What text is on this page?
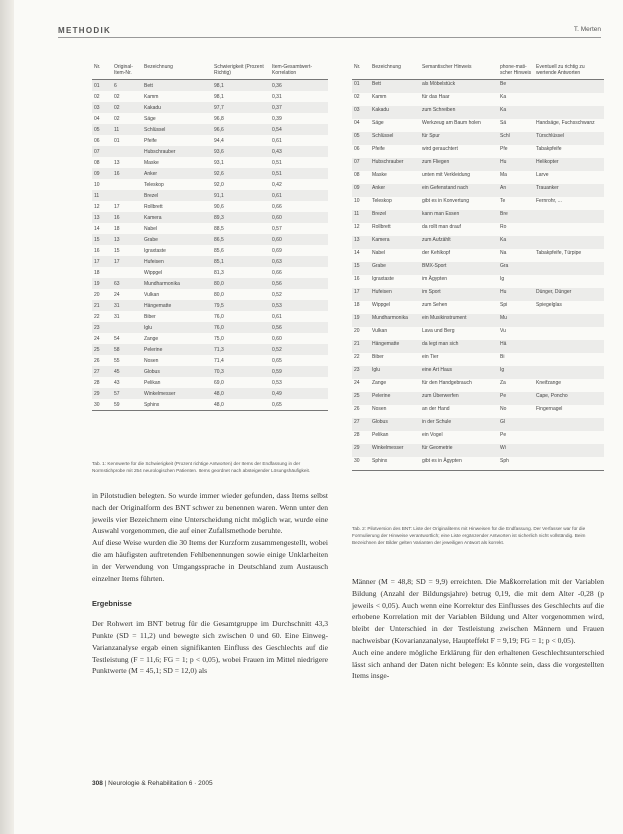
METHODIK	T. Merten
Nr.	Original-Item-Nr.	Bezeichnung	Schwierigkeit (Prozent Richtig)	Item-Gesamtwert-Korrelation
01	6	Bett	98,1	0,36
02	02	Kamm	98,1	0,31
03	02	Kakadu	97,7	0,37
04	02	Säge	96,8	0,39
05	11	Schlüssel	96,6	0,54
06	01	Pfeife	94,4	0,61
07		Hubschrauber	93,6	0,43
08	13	Maske	93,1	0,51
09	16	Anker	92,6	0,51
10		Teleskop	92,0	0,42
11		Brezel	91,1	0,61
12	17	Rollbrett	90,6	0,66
13	16	Kamera	89,3	0,60
14	18	Nabel	88,5	0,57
15	13	Grabe	86,5	0,60
16	15	Igraxtaste	85,6	0,69
17	17	Hufeisen	85,1	0,63
18		Wippgel	81,3	0,66
19	63	Mundharmonika	80,0	0,56
20	24	Vulkan	80,0	0,52
21	31	Hängematte	79,5	0,53
22	31	Biber	76,0	0,61
23		Iglu	76,0	0,56
24	54	Zange	75,0	0,60
25	58	Pelerine	71,3	0,52
26	55	Nosen	71,4	0,65
27	45	Globus	70,3	0,59
28	43	Pelikan	69,0	0,53
29	57	Winkelmesser	48,0	0,49
30	59	Sphinx	48,0	0,65
Nr.	Bezeichnung	Semantischer Hinweis	phone-mati-scher Hinweis	Eventuell zu richtig zu wertende Antworten
01	Bett	als Möbelstück	Be	
02	Kamm	für das Haar	Ka	
03	Kakadu	zum Schreiben	Ka	
04	Säge	Werkzeug am Baum holen	Sä	Handsäge, Fuchsschwanz
05	Schlüssel	für Spur	Schl	Türschlüssel
06	Pfeife	wird gerauchtert	Pfe	Tabakpfeife
07	Hubschrauber	zum Fliegen	Hu	Helikopter
08	Maske	unten mit Verkleidung	Ma	Larve
09	Anker	ein Gefenstand nach	An	Trauanker
10	Teleskop	gibt es in Konvertung	Te	Fernrohr, ...
11	Brezel	kann man Essen	Bre	
12	Rollbrett	da rollt man drauf	Ro	
13	Kamera	zum Aufzählt	Ka	
14	Nabel	der Kehlkopf	Na	Tabakpfeife, Türpipe
15	Grabe	BMX-Sport	Gra	
16	Igraxtaste	im Ägypten	Ig	
17	Hufeisen	im Sport	Hu	Dünger, Dünger
18	Wippgel	zum Sehen	Spi	Spiegelglas
19	Mundharmonika	ein Musikinstrument	Mu	
20	Vulkan	Lava und Berg	Vu	
21	Hängematte	da legt man sich	Hä	
22	Biber	ein Tier	Bi	
23	Iglu	eine Art Haus	Ig	
24	Zange	für den Handgebrauch	Za	Kneifzange
25	Pelerine	zum Überwerfen	Pe	Cape, Poncho
26	Nosen	an der Hand	No	Fingernagel
27	Globus	in der Schule	Gl	
28	Pelikan	ein Vogel	Pe	
29	Winkelmesser	für Geometrie	Wi	
30	Sphinx	gibt es in Ägypten	Sph	
Tab. 1: Kennwerte für die Schwierigkeit (Prozent richtige Antworten) der Items der Endfassung in der Normstichprobe mit 254 neurologischen Patienten. Items geordnet nach absteigender Lösungshäufigkeit.
Tab. 2: Pilotversion des BNT: Liste der Originalitems mit Hinweisen für die Endfassung. Der Verfasser war für die Formulierung der Hinweise verantwortlich; eine Liste ergänzender Antworten ist sicherlich nicht vollständig. Beim Bezeichnen der Bilder gelten Varianten der jeweiligen Antwort als korrekt.

in Pilotstudien belegten. So wurde immer wieder gefunden, dass Items selbst nach der Originalform des BNT schwer zu benennen waren. Wenn unter den jeweils vier Bezeichnern eine Unterscheidung nicht möglich war, wurde eine Auswahl vorgenommen, die auf einer Zufallsmethode beruhte.

Auf diese Weise wurden die 30 Items der Kurzform zusammengestellt, wobei die am häufigsten auftretenden Fehlbenennungen sowie einige Unklarheiten in der Verwendung von Umgangssprache in Deutschland zum Austausch einzelner Items führten.

Ergebnisse

Der Rohwert im BNT betrug für die Gesamtgruppe im Durchschnitt 43,3 Punkte (SD = 11,2) und bewegte sich zwischen 0 und 60. Eine Einweg-Varianzanalyse ergab einen signifikanten Einfluss des Geschlechts auf die Testleistung (F = 11,6; FG = 1; p < 0,05), wobei Frauen im Mittel niedrigere Punktwerte (M = 45,1; SD = 12,0) als

Männer (M = 48,8; SD = 9,9) erreichten. Die Maßkorrelation mit der Variablen Bildung (Anzahl der Bildungsjahre) betrug 0,19, die mit dem Alter -0,28 (p jeweils < 0,05). Auch wenn eine Korrektur des Einflusses des Geschlechts auf die erhobene Korrelation mit der Variablen Bildung und Alter vorgenommen wird, bleibt der Unterschied in der Testleistung zwischen Männern und Frauen nachweisbar (Kovarianzanalyse, Haupteffekt F = 9,19; FG = 1; p < 0,05).

Auch eine andere mögliche Erklärung für den erhaltenen Geschlechtsunterschied lässt sich anhand der Daten nicht belegen: Es könnte sein, dass die vorgestellten Items insge-

308 | Neurologie & Rehabilitation 6 · 2005
